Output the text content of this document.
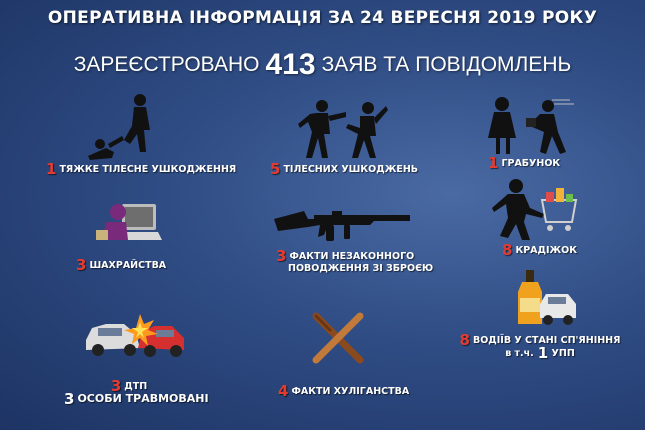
ОПЕРАТИВНА ІНФОРМАЦІЯ ЗА 24 ВЕРЕСНЯ 2019 РОКУ
ЗАРЕЄСТРОВАНО 413 ЗАЯВ ТА ПОВІДОМЛЕНЬ
1 ТЯЖКЕ ТІЛЕСНЕ УШКОДЖЕННЯ 5 ТІЛЕСНИХ УШКОДЖЕНЬ	1 ГРАБУНОК
3 ШАХРАЙСТВА
3 ФАКТИ НЕЗАКОННОГО
ПОВОДЖЕННЯ ЗІ ЗБРОЄЮ
8 КРАДІЖОК
3 ДТП
3 ОСОБИ ТРАВМОВАНІ	4 ФАКТИ ХУЛІГАНСТВА
8 ВОДІЇВ У СТАНІ СП'ЯНІННЯ
в т.ч. 1 УПП
